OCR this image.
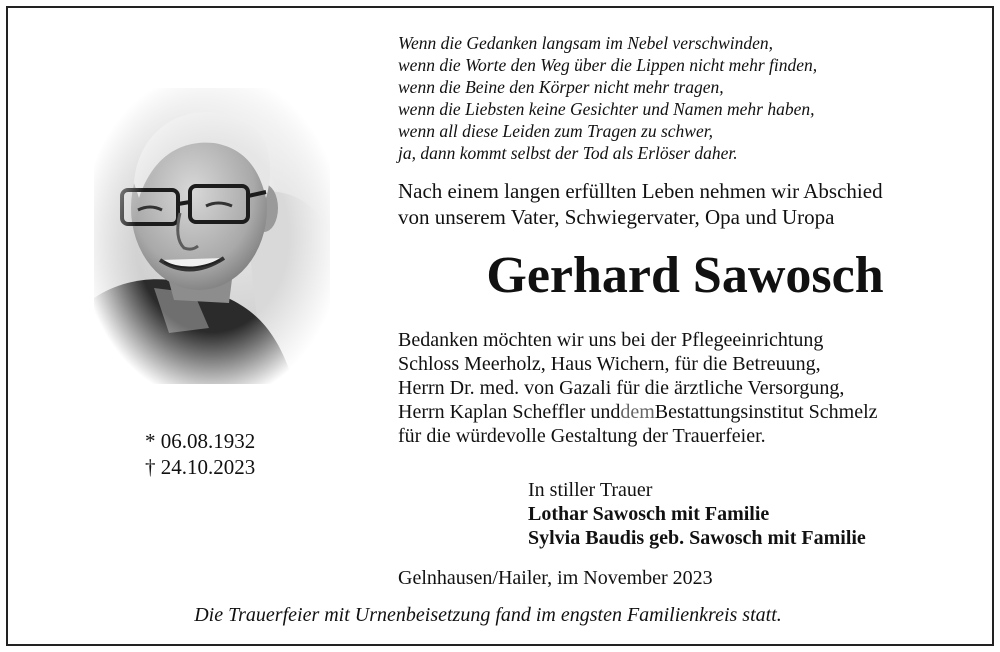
Wenn die Gedanken langsam im Nebel verschwinden,
wenn die Worte den Weg über die Lippen nicht mehr finden,
wenn die Beine den Körper nicht mehr tragen,
wenn die Liebsten keine Gesichter und Namen mehr haben,
wenn all diese Leiden zum Tragen zu schwer,
ja, dann kommt selbst der Tod als Erlöser daher.
Nach einem langen erfüllten Leben nehmen wir Abschied
von unserem Vater, Schwiegervater, Opa und Uropa
Gerhard Sawosch
Bedanken möchten wir uns bei der Pflegeeinrichtung
Schloss Meerholz, Haus Wichern, für die Betreuung,
Herrn Dr. med. von Gazali für die ärztliche Versorgung,
Herrn Kaplan Scheffler unddemBestattungsinstitut Schmelz
für die würdevolle Gestaltung der Trauerfeier.
* 06.08.1932
† 24.10.2023
In stiller Trauer
Lothar Sawosch mit Familie
Sylvia Baudis geb. Sawosch mit Familie
Gelnhausen/Hailer, im November 2023
Die Trauerfeier mit Urnenbeisetzung fand im engsten Familienkreis statt.
